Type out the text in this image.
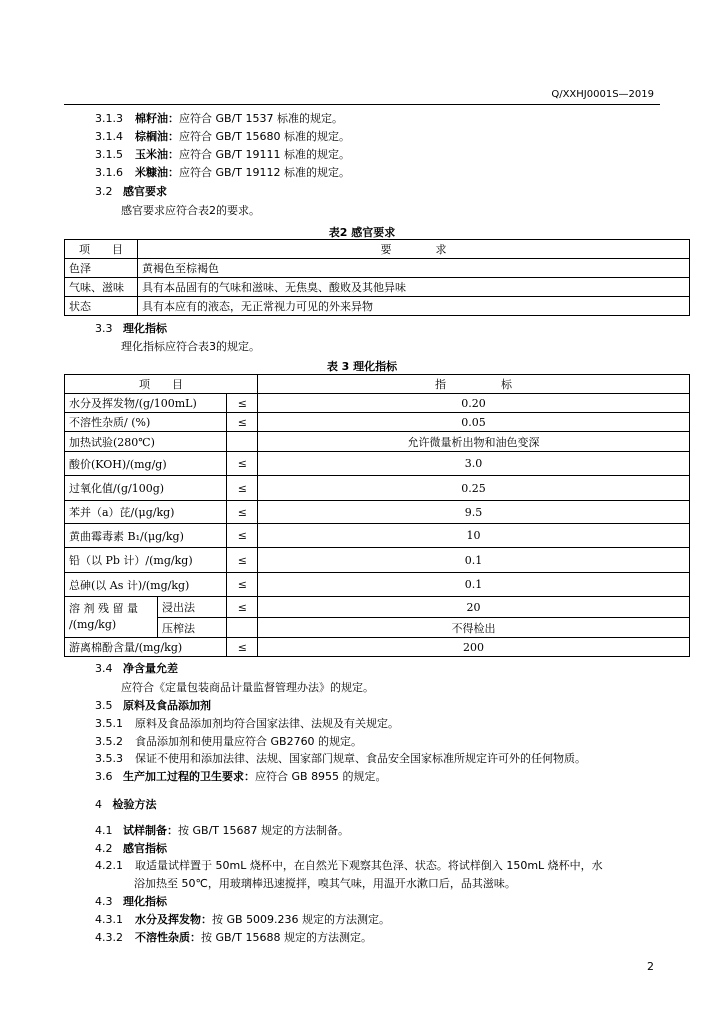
Q/XXHJ0001S—2019
3.1.3 棉籽油：应符合 GB/T 1537 标准的规定。
3.1.4 棕榈油：应符合 GB/T 15680 标准的规定。
3.1.5 玉米油：应符合 GB/T 19111 标准的规定。
3.1.6 米糠油：应符合 GB/T 19112 标准的规定。
3.2 感官要求
感官要求应符合表2的要求。
表2 感官要求
项　　目	要　　　　求
色泽	黄褐色至棕褐色
气味、滋味	具有本品固有的气味和滋味、无焦臭、酸败及其他异味
状态	具有本应有的液态，无正常视力可见的外来异物
3.3 理化指标
理化指标应符合表3的规定。
表 3 理化指标
项　　目			指　　　　　标
水分及挥发物/(g/100mL)		≤	0.20
不溶性杂质/ (%)		≤	0.05
加热试验(280℃)			允许微量析出物和油色变深
酸价(KOH)/(mg/g)		≤	3.0
过氧化值/(g/100g)		≤	0.25
苯并（a）芘/(μg/kg)		≤	9.5
黄曲霉毒素 B₁/(μg/kg)		≤	10
铅（以 Pb 计）/(mg/kg)		≤	0.1
总砷(以 As 计)/(mg/kg)		≤	0.1
溶 剂 残 留 量 /(mg/kg)	浸出法	≤	20
	压榨法		不得检出
游离棉酚含量/(mg/kg)		≤	200
3.4 净含量允差
应符合《定量包装商品计量监督管理办法》的规定。
3.5 原料及食品添加剂
3.5.1 原料及食品添加剂均符合国家法律、法规及有关规定。
3.5.2 食品添加剂和使用量应符合 GB2760 的规定。
3.5.3 保证不使用和添加法律、法规、国家部门规章、食品安全国家标准所规定许可外的任何物质。
3.6 生产加工过程的卫生要求：应符合 GB 8955 的规定。
4 检验方法
4.1 试样制备：按 GB/T 15687 规定的方法制备。
4.2 感官指标
4.2.1 取适量试样置于 50mL 烧杯中，在自然光下观察其色泽、状态。将试样倒入 150mL 烧杯中，水
浴加热至 50℃，用玻璃棒迅速搅拌，嗅其气味，用温开水漱口后，品其滋味。
4.3 理化指标
4.3.1 水分及挥发物：按 GB 5009.236 规定的方法测定。
4.3.2 不溶性杂质：按 GB/T 15688 规定的方法测定。
2
